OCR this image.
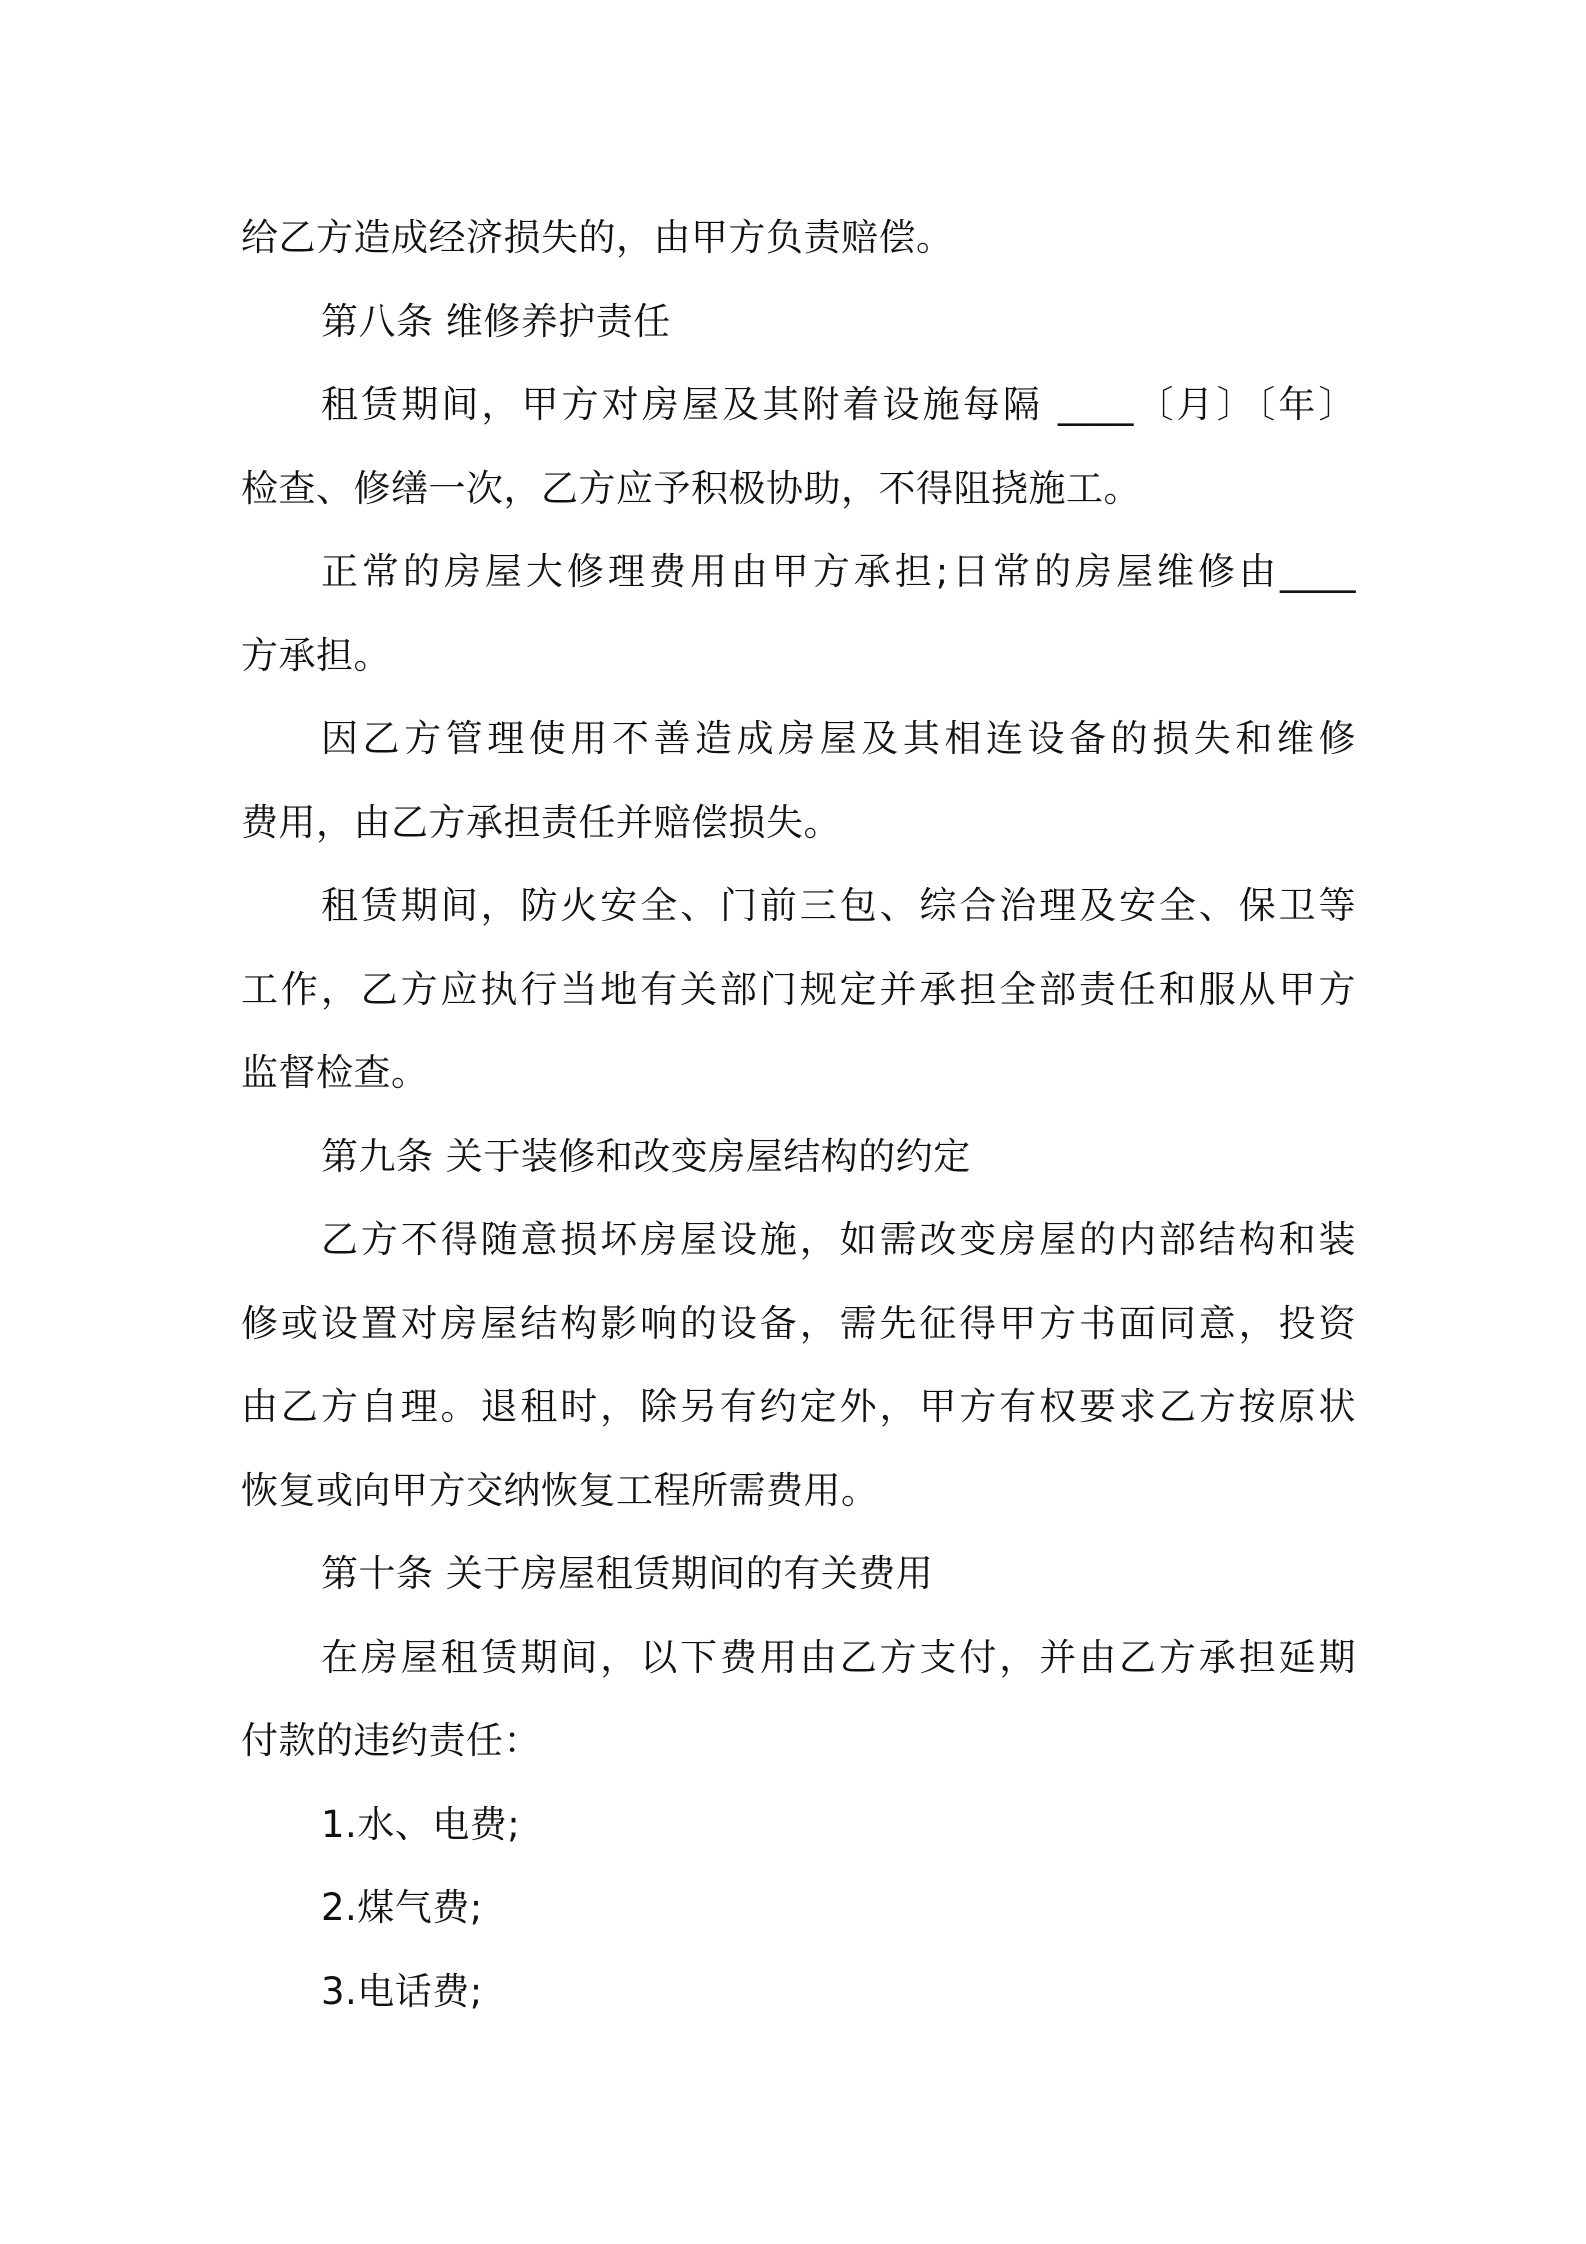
给乙方造成经济损失的，由甲方负责赔偿。
第八条 维修养护责任
租赁期间，甲方对房屋及其附着设施每隔 ____〔月〕〔年〕
检查、修缮一次，乙方应予积极协助，不得阻挠施工。
正常的房屋大修理费用由甲方承担;日常的房屋维修由____
方承担。
因乙方管理使用不善造成房屋及其相连设备的损失和维修
费用，由乙方承担责任并赔偿损失。
租赁期间，防火安全、门前三包、综合治理及安全、保卫等
工作，乙方应执行当地有关部门规定并承担全部责任和服从甲方
监督检查。
第九条 关于装修和改变房屋结构的约定
乙方不得随意损坏房屋设施，如需改变房屋的内部结构和装
修或设置对房屋结构影响的设备，需先征得甲方书面同意，投资
由乙方自理。退租时，除另有约定外，甲方有权要求乙方按原状
恢复或向甲方交纳恢复工程所需费用。
第十条 关于房屋租赁期间的有关费用
在房屋租赁期间，以下费用由乙方支付，并由乙方承担延期
付款的违约责任：
1.水、电费;
2.煤气费;
3.电话费;
